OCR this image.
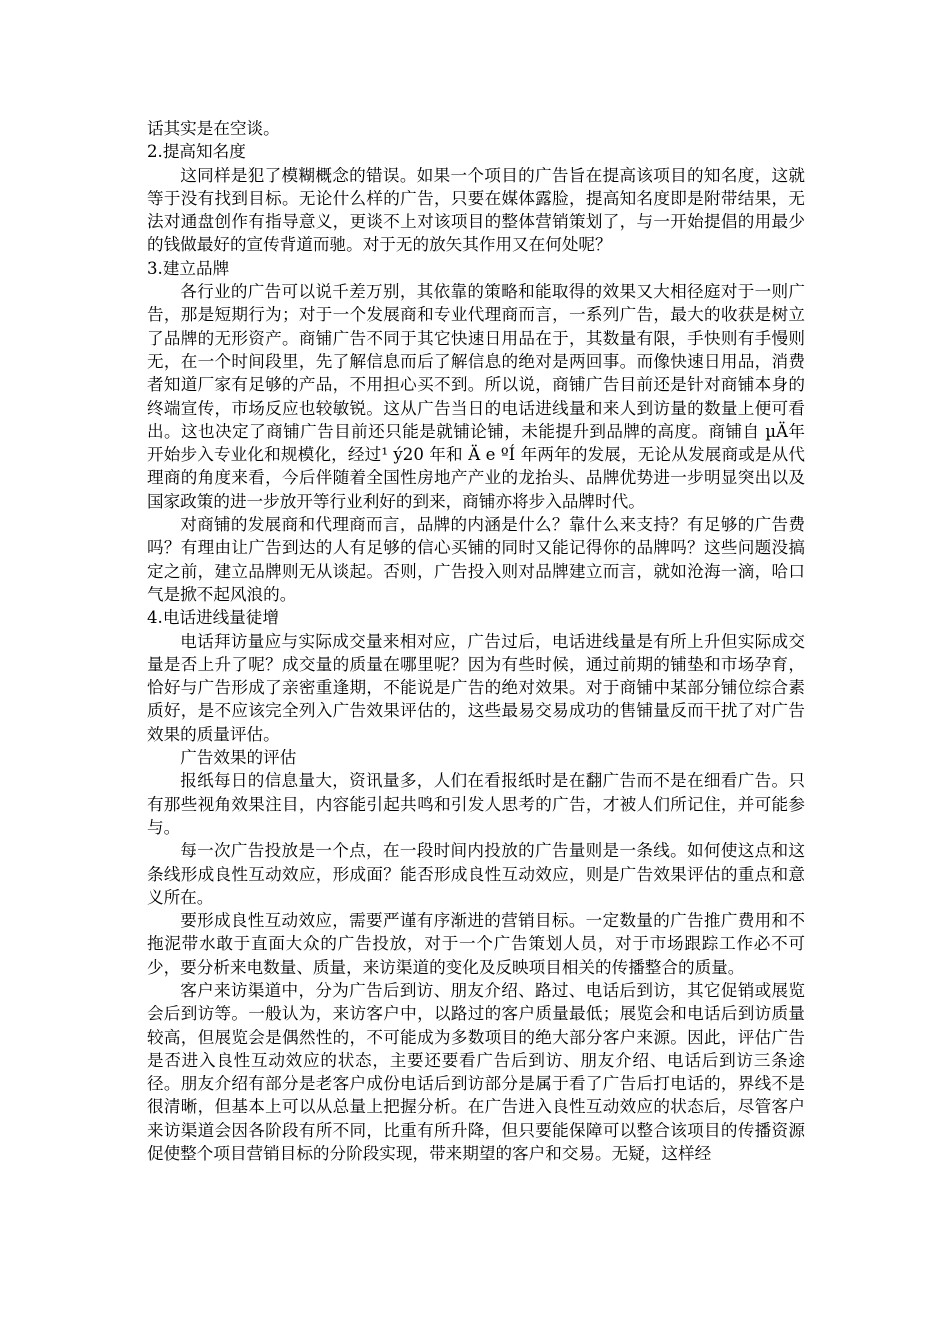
话其实是在空谈。

2.提高知名度

这同样是犯了模糊概念的错误。如果一个项目的广告旨在提高该项目的知名度，这就等于没有找到目标。无论什么样的广告，只要在媒体露脸，提高知名度即是附带结果，无法对通盘创作有指导意义，更谈不上对该项目的整体营销策划了，与一开始提倡的用最少的钱做最好的宣传背道而驰。对于无的放矢其作用又在何处呢？

3.建立品牌

各行业的广告可以说千差万别，其依靠的策略和能取得的效果又大相径庭对于一则广告，那是短期行为；对于一个发展商和专业代理商而言，一系列广告，最大的收获是树立了品牌的无形资产。商铺广告不同于其它快速日用品在于，其数量有限，手快则有手慢则无，在一个时间段里，先了解信息而后了解信息的绝对是两回事。而像快速日用品，消费者知道厂家有足够的产品，不用担心买不到。所以说，商铺广告目前还是针对商铺本身的终端宣传，市场反应也较敏锐。这从广告当日的电话进线量和来人到访量的数量上便可看出。这也决定了商铺广告目前还只能是就铺论铺，未能提升到品牌的高度。商铺自 µÄ年开始步入专业化和规模化，经过¹ ý20 年和 Ä e ºÍ 年两年的发展，无论从发展商或是从代理商的角度来看，今后伴随着全国性房地产产业的龙抬头、品牌优势进一步明显突出以及国家政策的进一步放开等行业利好的到来，商铺亦将步入品牌时代。

对商铺的发展商和代理商而言，品牌的内涵是什么？靠什么来支持？有足够的广告费吗？有理由让广告到达的人有足够的信心买铺的同时又能记得你的品牌吗？这些问题没搞定之前，建立品牌则无从谈起。否则，广告投入则对品牌建立而言，就如沧海一滴，哈口气是掀不起风浪的。

4.电话进线量徒增

电话拜访量应与实际成交量来相对应，广告过后，电话进线量是有所上升但实际成交量是否上升了呢？成交量的质量在哪里呢？因为有些时候，通过前期的铺垫和市场孕育，恰好与广告形成了亲密重逢期，不能说是广告的绝对效果。对于商铺中某部分铺位综合素质好，是不应该完全列入广告效果评估的，这些最易交易成功的售铺量反而干扰了对广告效果的质量评估。

广告效果的评估

报纸每日的信息量大，资讯量多，人们在看报纸时是在翻广告而不是在细看广告。只有那些视角效果注目，内容能引起共鸣和引发人思考的广告，才被人们所记住，并可能参与。

每一次广告投放是一个点，在一段时间内投放的广告量则是一条线。如何使这点和这条线形成良性互动效应，形成面？能否形成良性互动效应，则是广告效果评估的重点和意义所在。

要形成良性互动效应，需要严谨有序渐进的营销目标。一定数量的广告推广费用和不拖泥带水敢于直面大众的广告投放，对于一个广告策划人员，对于市场跟踪工作必不可少，要分析来电数量、质量，来访渠道的变化及反映项目相关的传播整合的质量。

客户来访渠道中，分为广告后到访、朋友介绍、路过、电话后到访，其它促销或展览会后到访等。一般认为，来访客户中，以路过的客户质量最低；展览会和电话后到访质量较高，但展览会是偶然性的，不可能成为多数项目的绝大部分客户来源。因此，评估广告是否进入良性互动效应的状态，主要还要看广告后到访、朋友介绍、电话后到访三条途径。朋友介绍有部分是老客户成份电话后到访部分是属于看了广告后打电话的，界线不是很清晰，但基本上可以从总量上把握分析。在广告进入良性互动效应的状态后，尽管客户来访渠道会因各阶段有所不同，比重有所升降，但只要能保障可以整合该项目的传播资源促使整个项目营销目标的分阶段实现，带来期望的客户和交易。无疑，这样经
